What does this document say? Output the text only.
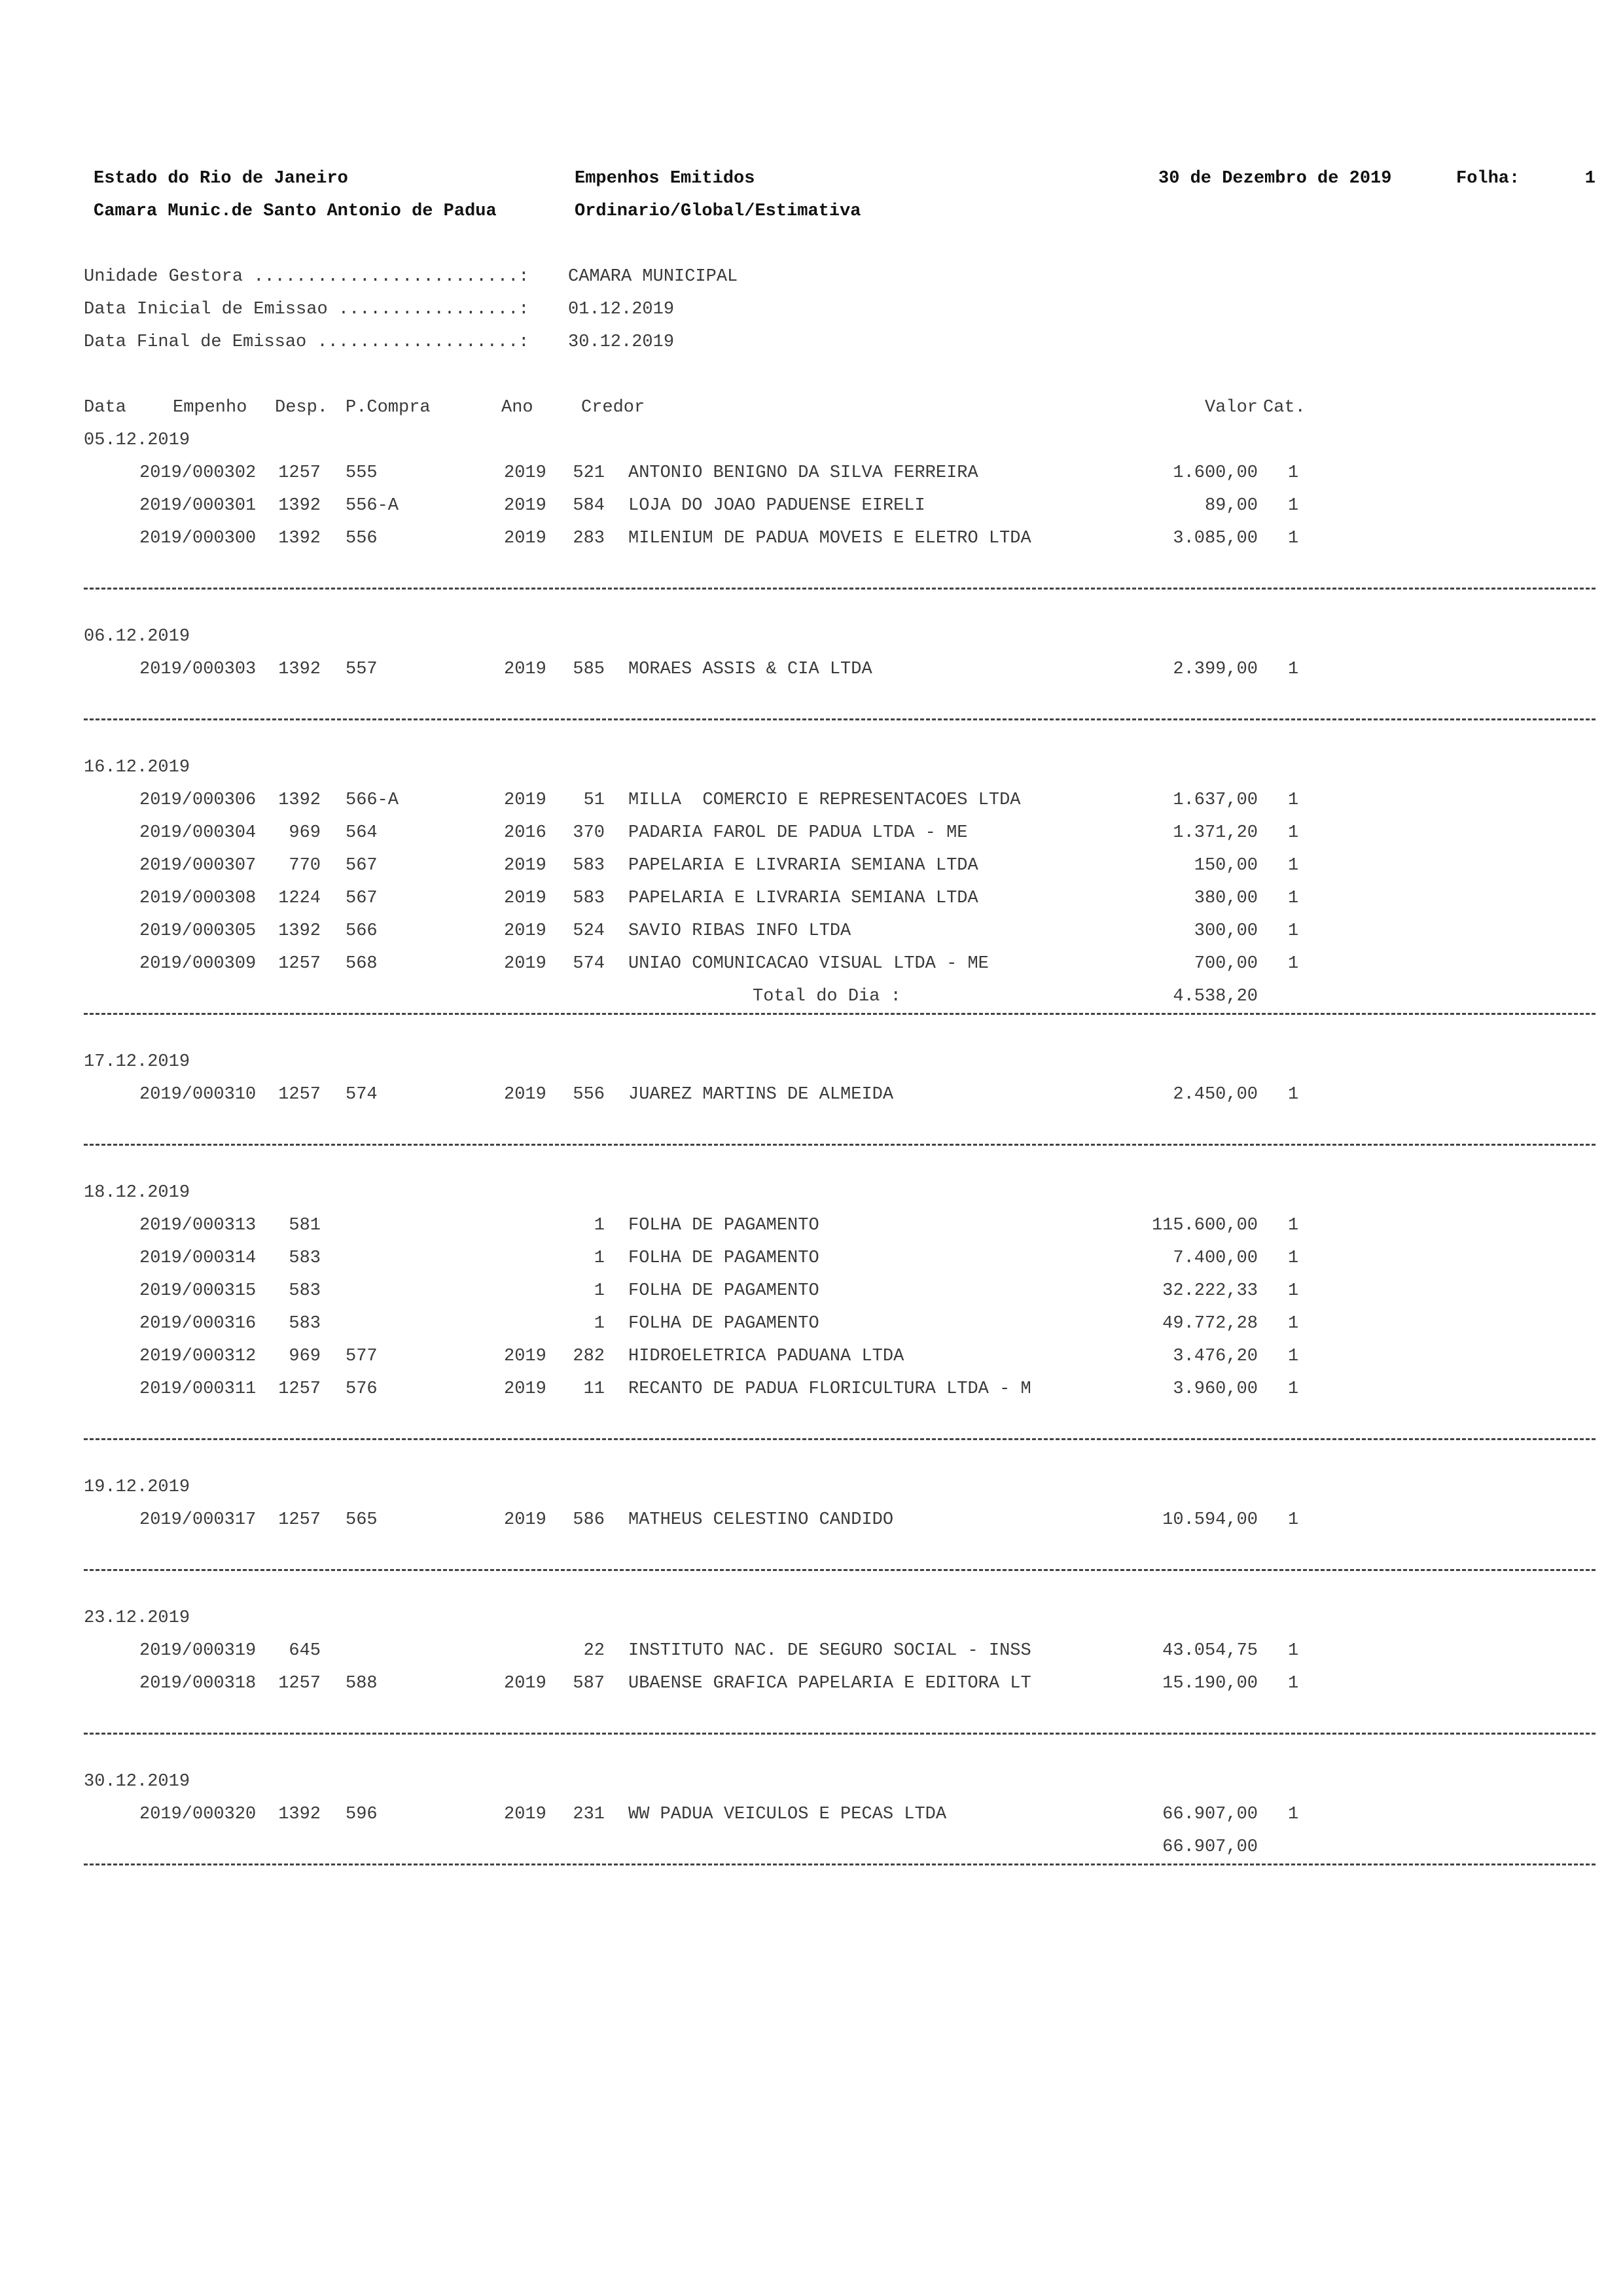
Estado do Rio de Janeiro
Camara Munic.de Santo Antonio de Padua
Empenhos Emitidos
Ordinario/Global/Estimativa
30 de Dezembro de 2019	Folha:	1
Unidade Gestora .........................: CAMARA MUNICIPAL
Data Inicial de Emissao .................: 01.12.2019
Data Final de Emissao ...................: 30.12.2019
Data	Empenho Desp. P.Compra	Ano	Credor	Valor Cat.
05.12.2019
2019/000302	1257 555	2019	521 ANTONIO BENIGNO DA SILVA FERREIRA	1.600,00 1
2019/000301	1392 556-A	2019	584 LOJA DO JOAO PADUENSE EIRELI	89,00 1
2019/000300	1392 556	2019	283 MILENIUM DE PADUA MOVEIS E ELETRO LTDA	3.085,00 1
06.12.2019
2019/000303	1392 557	2019	585 MORAES ASSIS & CIA LTDA	2.399,00 1
16.12.2019
2019/000306	1392 566-A	2019	51 MILLA  COMERCIO E REPRESENTACOES LTDA	1.637,00 1
2019/000304	969 564	2016	370 PADARIA FAROL DE PADUA LTDA - ME	1.371,20 1
2019/000307	770 567	2019	583 PAPELARIA E LIVRARIA SEMIANA LTDA	150,00 1
2019/000308	1224 567	2019	583 PAPELARIA E LIVRARIA SEMIANA LTDA	380,00 1
2019/000305	1392 566	2019	524 SAVIO RIBAS INFO LTDA	300,00 1
2019/000309	1257 568	2019	574 UNIAO COMUNICACAO VISUAL LTDA - ME	700,00 1
Total do Dia :	4.538,20
17.12.2019
2019/000310	1257 574	2019	556 JUAREZ MARTINS DE ALMEIDA	2.450,00 1
18.12.2019
2019/000313	581	1 FOLHA DE PAGAMENTO	115.600,00 1
2019/000314	583	1 FOLHA DE PAGAMENTO	7.400,00 1
2019/000315	583	1 FOLHA DE PAGAMENTO	32.222,33 1
2019/000316	583	1 FOLHA DE PAGAMENTO	49.772,28 1
2019/000312	969 577	2019	282 HIDROELETRICA PADUANA LTDA	3.476,20 1
2019/000311	1257 576	2019	11 RECANTO DE PADUA FLORICULTURA LTDA - M	3.960,00 1
19.12.2019
2019/000317	1257 565	2019	586 MATHEUS CELESTINO CANDIDO	10.594,00 1
23.12.2019
2019/000319	645	22 INSTITUTO NAC. DE SEGURO SOCIAL - INSS	43.054,75 1
2019/000318	1257 588	2019	587 UBAENSE GRAFICA PAPELARIA E EDITORA LT	15.190,00 1
30.12.2019
2019/000320	1392 596	2019	231 WW PADUA VEICULOS E PECAS LTDA	66.907,00 1
66.907,00
